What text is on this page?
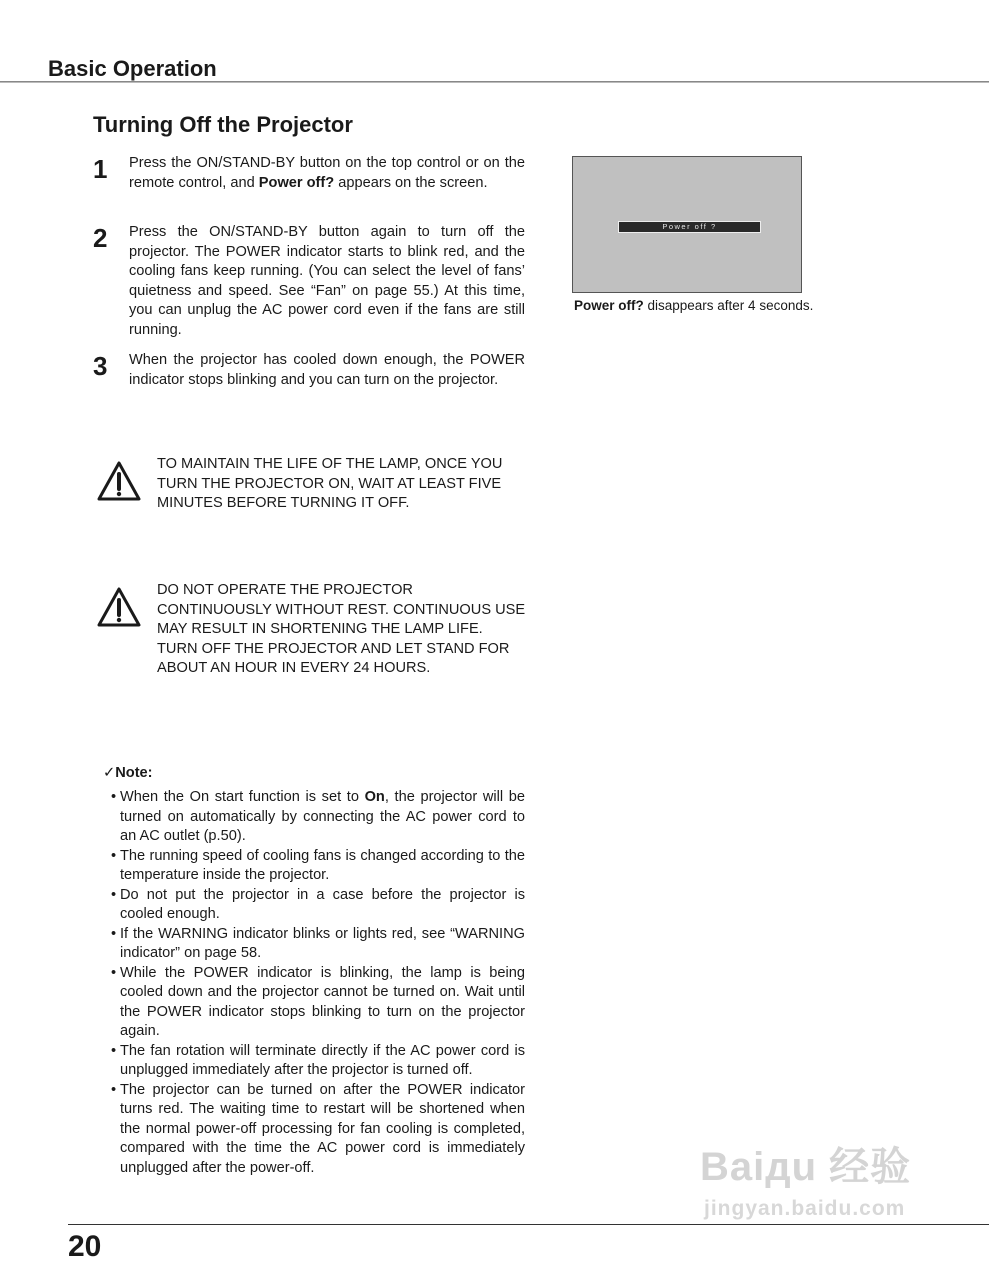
Basic Operation
Turning Off the Projector
1 Press the ON/STAND-BY button on the top control or on the remote control, and Power off? appears on the screen.
2 Press the ON/STAND-BY button again to turn off the projector. The POWER indicator starts to blink red, and the cooling fans keep running. (You can select the level of fans’ quietness and speed. See “Fan” on page 55.) At this time, you can unplug the AC power cord even if the fans are still running.
3 When the projector has cooled down enough, the POWER indicator stops blinking and you can turn on the projector.
Power off ?
Power off? disappears after 4 seconds.
TO MAINTAIN THE LIFE OF THE LAMP, ONCE YOU TURN THE PROJECTOR ON, WAIT AT LEAST FIVE MINUTES BEFORE TURNING IT OFF.
DO NOT OPERATE THE PROJECTOR CONTINUOUSLY WITHOUT REST. CONTINUOUS USE MAY RESULT IN SHORTENING THE LAMP LIFE. TURN OFF THE PROJECTOR AND LET STAND FOR ABOUT AN HOUR IN EVERY 24 HOURS.
✓Note:
• When the On start function is set to On, the projector will be turned on automatically by connecting the AC power cord to an AC outlet (p.50).
• The running speed of cooling fans is changed according to the temperature inside the projector.
• Do not put the projector in a case before the projector is cooled enough.
• If the WARNING indicator blinks or lights red, see “WARNING indicator” on page 58.
• While the POWER indicator is blinking, the lamp is being cooled down and the projector cannot be turned on. Wait until the POWER indicator stops blinking to turn on the projector again.
• The fan rotation will terminate directly if the AC power cord is unplugged immediately after the projector is turned off.
• The projector can be turned on after the POWER indicator turns red. The waiting time to restart will be shortened when the normal power-off processing for fan cooling is completed, compared with the time the AC power cord is immediately unplugged after the power-off.
20
Baiдu 经验
jingyan.baidu.com
